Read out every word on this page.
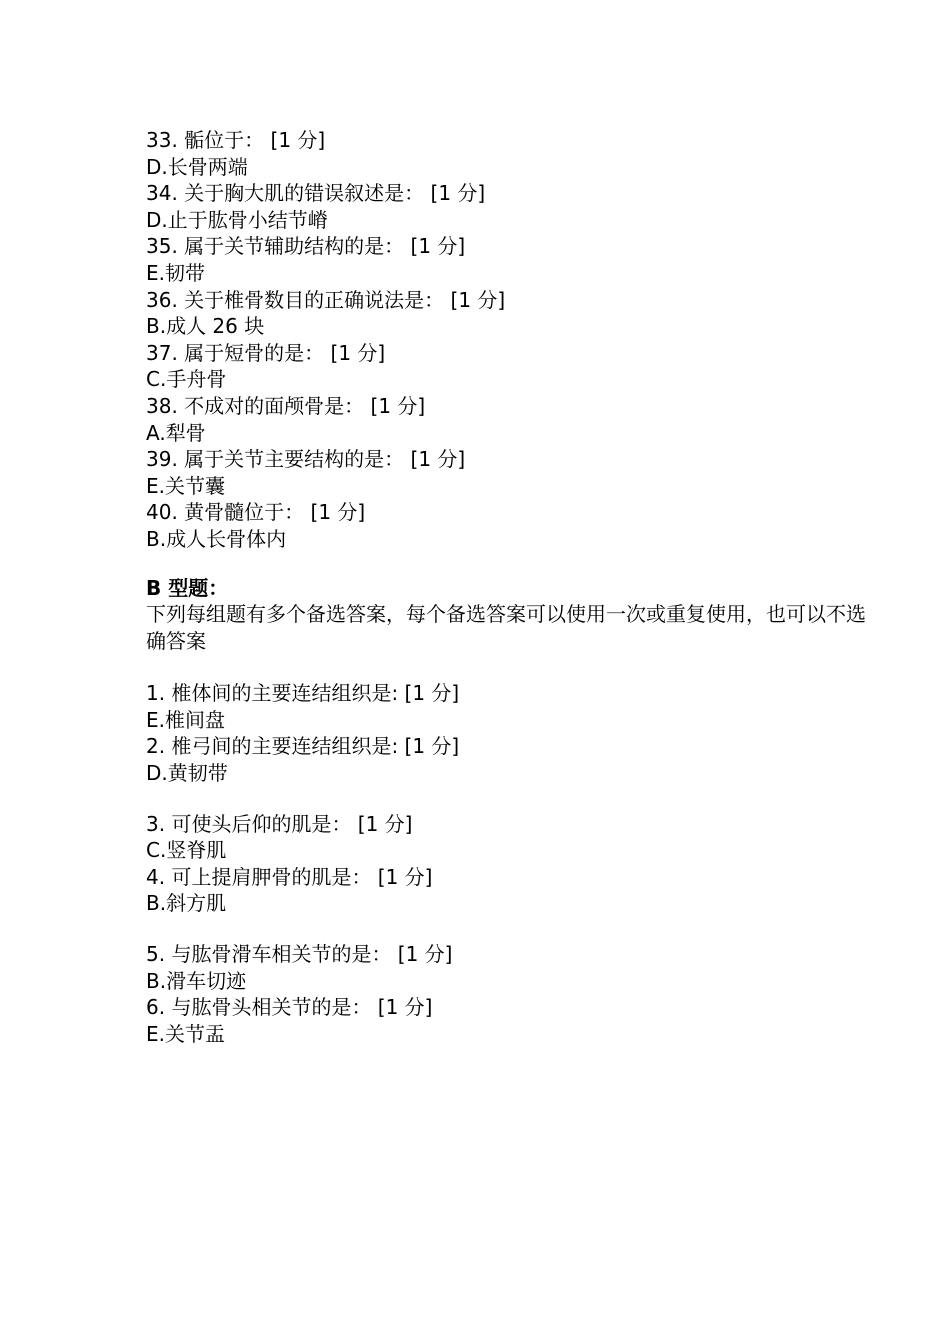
33. 骺位于： [1 分]
D.长骨两端
34. 关于胸大肌的错误叙述是： [1 分]
D.止于肱骨小结节嵴
35. 属于关节辅助结构的是： [1 分]
E.韧带
36. 关于椎骨数目的正确说法是： [1 分]
B.成人 26 块
37. 属于短骨的是： [1 分]
C.手舟骨
38. 不成对的面颅骨是： [1 分]
A.犁骨
39. 属于关节主要结构的是： [1 分]
E.关节囊
40. 黄骨髓位于： [1 分]
B.成人长骨体内
B 型题：
下列每组题有多个备选答案，每个备选答案可以使用一次或重复使用，也可以不选
确答案
1. 椎体间的主要连结组织是: [1 分]
E.椎间盘
2. 椎弓间的主要连结组织是: [1 分]
D.黄韧带
3. 可使头后仰的肌是： [1 分]
C.竖脊肌
4. 可上提肩胛骨的肌是： [1 分]
B.斜方肌
5. 与肱骨滑车相关节的是： [1 分]
B.滑车切迹
6. 与肱骨头相关节的是： [1 分]
E.关节盂
